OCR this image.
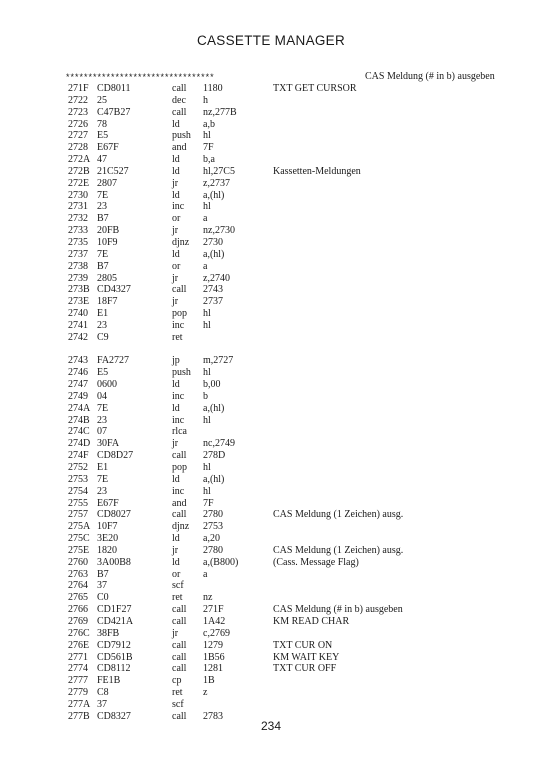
CASSETTE MANAGER
*********************************	CAS Meldung (# in b) ausgeben
271F CD8011	call 1180	TXT GET CURSOR
2722 25	dec h
2723 C47B27	call nz,277B
2726 78	ld a,b
2727 E5	push hl
2728 E67F	and 7F
272A 47	ld b,a
272B 21C527	ld hl,27C5	Kassetten-Meldungen
272E 2807	jr z,2737
2730 7E	ld a,(hl)
2731 23	inc hl
2732 B7	or a
2733 20FB	jr nz,2730
2735 10F9	djnz 2730
2737 7E	ld a,(hl)
2738 B7	or a
2739 2805	jr z,2740
273B CD4327	call 2743
273E 18F7	jr 2737
2740 E1	pop hl
2741 23	inc hl
2742 C9	ret
2743 FA2727	jp m,2727
2746 E5	push hl
2747 0600	ld b,00
2749 04	inc b
274A 7E	ld a,(hl)
274B 23	inc hl
274C 07	rlca
274D 30FA	jr nc,2749
274F CD8D27	call 278D
2752 E1	pop hl
2753 7E	ld a,(hl)
2754 23	inc hl
2755 E67F	and 7F
2757 CD8027	call 2780	CAS Meldung (1 Zeichen) ausg.
275A 10F7	djnz 2753
275C 3E20	ld a,20
275E 1820	jr 2780	CAS Meldung (1 Zeichen) ausg.
2760 3A00B8	ld a,(B800)	(Cass. Message Flag)
2763 B7	or a
2764 37	scf
2765 C0	ret nz
2766 CD1F27	call 271F	CAS Meldung (# in b) ausgeben
2769 CD421A	call 1A42	KM READ CHAR
276C 38FB	jr c,2769
276E CD7912	call 1279	TXT CUR ON
2771 CD561B	call 1B56	KM WAIT KEY
2774 CD8112	call 1281	TXT CUR OFF
2777 FE1B	cp 1B
2779 C8	ret z
277A 37	scf
277B CD8327	call 2783
234
